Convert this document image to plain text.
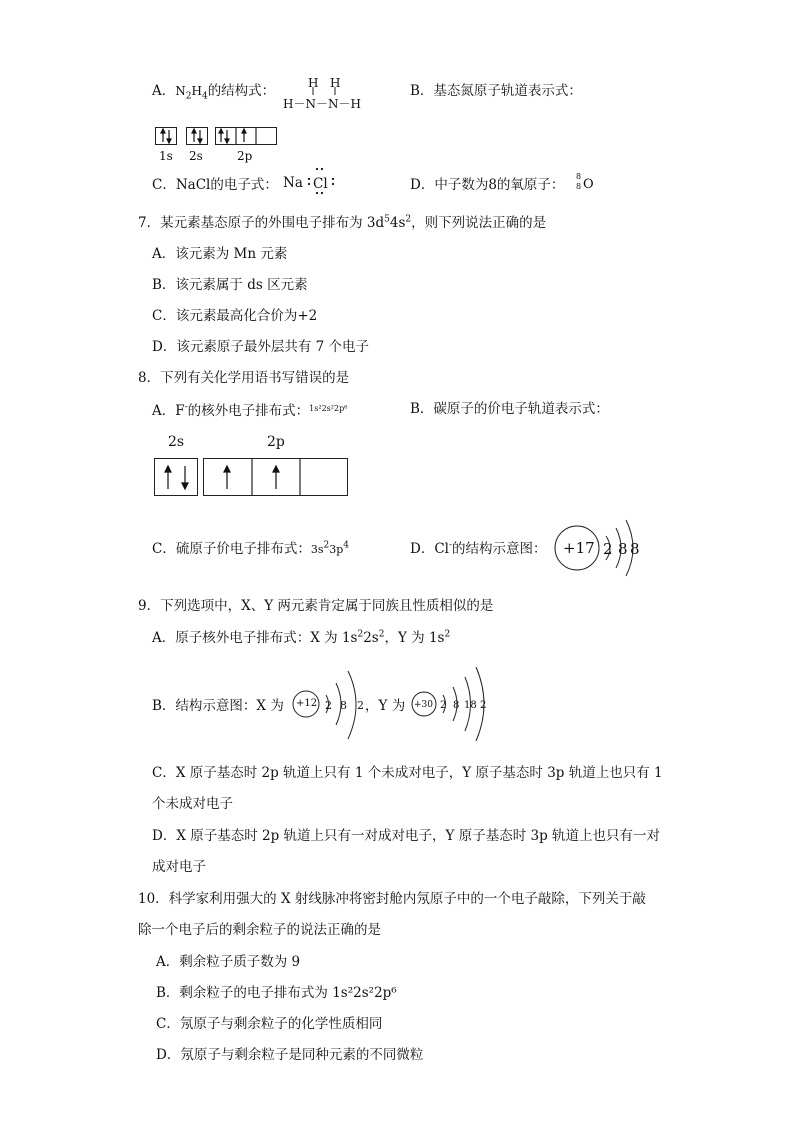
A．$N_2H_4$的结构式：	H H
H－N－N－H
B．基态氮原子轨道表示式：
1s 2s	2p
C．NaCl的电子式： Na Cl	D．中子数为8的氧原子：
8
8 O
7．某元素基态原子的外围电子排布为 $3d^54s^2$，则下列说法正确的是
A．该元素为 Mn 元素
B．该元素属于 ds 区元素
C．该元素最高化合价为+2
D．该元素原子最外层共有 7 个电子
8．下列有关化学用语书写错误的是
A．F-的核外电子排布式：$^{1s^22s^22p^6}$	B．碳原子的价电子轨道表示式：
2s	2p
C．硫原子价电子排布式：$3s^23p^4$	D．Cl-的结构示意图： +17 2 8 8
9．下列选项中，X、Y 两元素肯定属于同族且性质相似的是
A．原子核外电子排布式：X 为 $1s^22s^2$，Y 为 $1s^2$
B．结构示意图：X 为 +12 2 8 2 ，Y 为 +30 2 8 18 2
C．X 原子基态时 2p 轨道上只有 1 个未成对电子，Y 原子基态时 3p 轨道上也只有 1
个未成对电子
D．X 原子基态时 2p 轨道上只有一对成对电子，Y 原子基态时 3p 轨道上也只有一对
成对电子
10．科学家利用强大的 X 射线脉冲将密封舱内氖原子中的一个电子敲除，下列关于敲
除一个电子后的剩余粒子的说法正确的是
A．剩余粒子质子数为 9
B．剩余粒子的电子排布式为 1s²2s²2p⁶
C．氖原子与剩余粒子的化学性质相同
D．氖原子与剩余粒子是同种元素的不同微粒
